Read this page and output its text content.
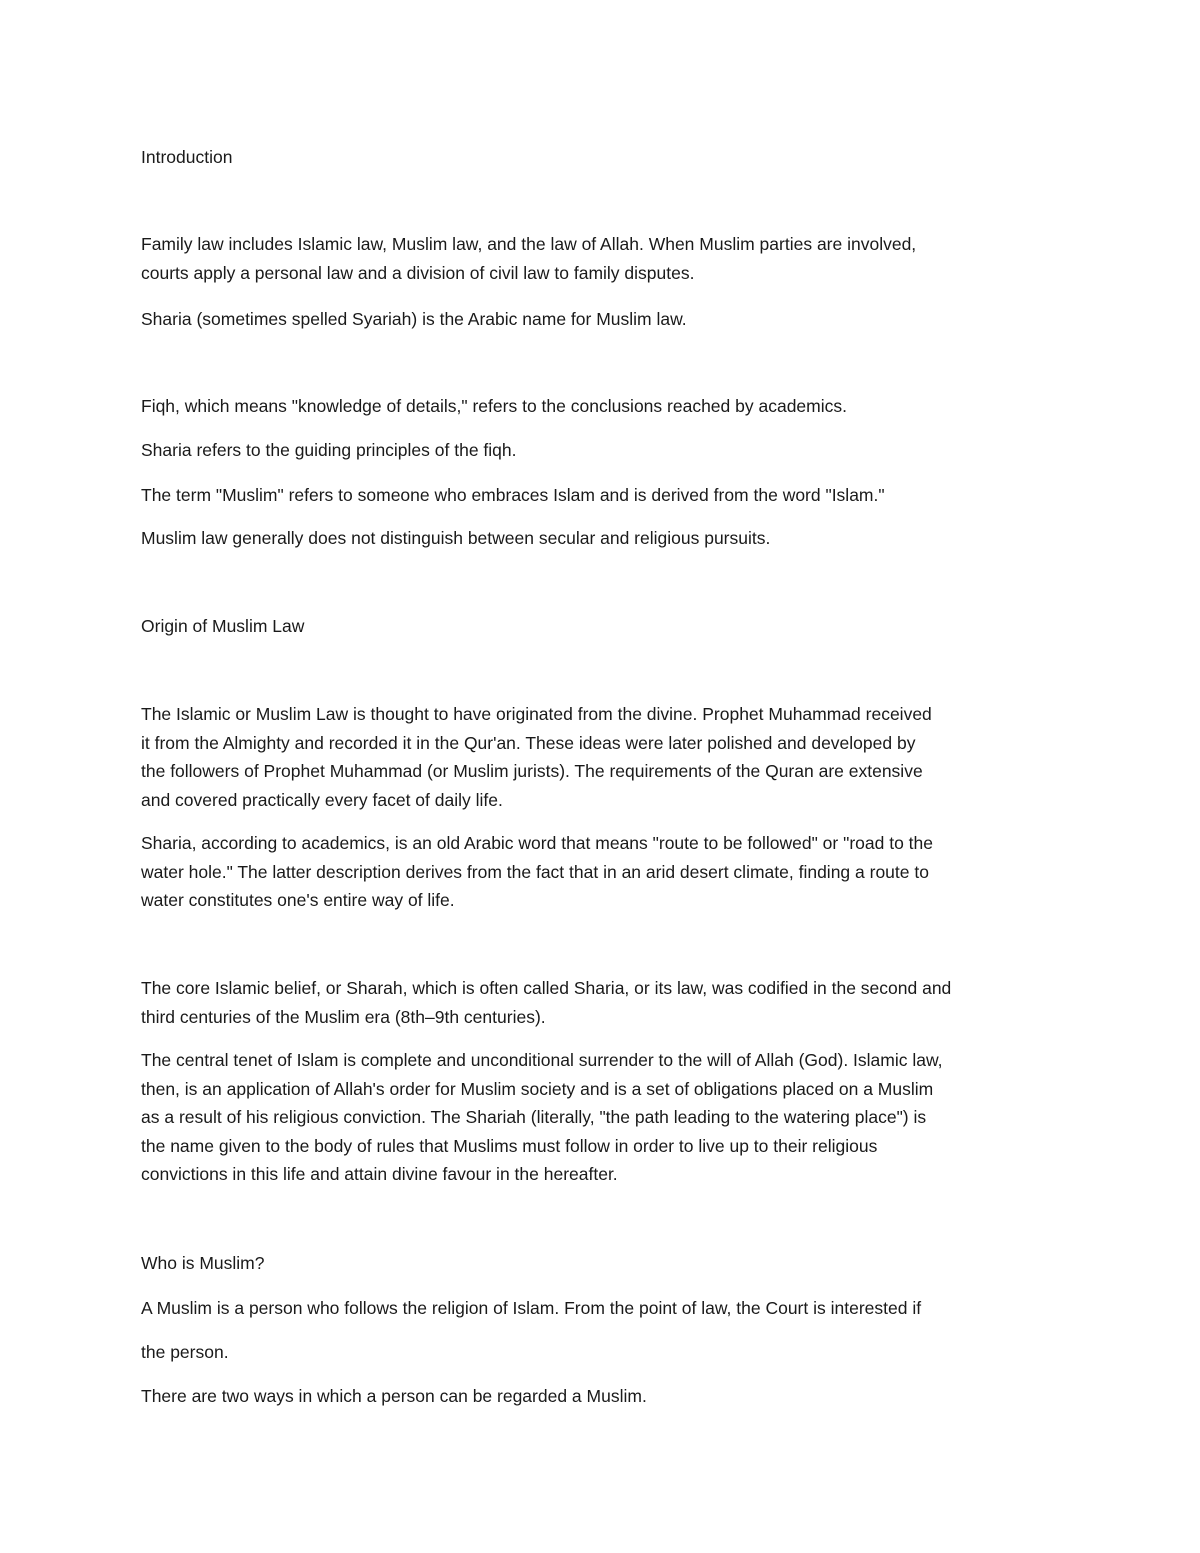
Introduction

Family law includes Islamic law, Muslim law, and the law of Allah. When Muslim parties are involved,
courts apply a personal law and a division of civil law to family disputes.

Sharia (sometimes spelled Syariah) is the Arabic name for Muslim law.

Fiqh, which means "knowledge of details," refers to the conclusions reached by academics.

Sharia refers to the guiding principles of the fiqh.

The term "Muslim" refers to someone who embraces Islam and is derived from the word "Islam."

Muslim law generally does not distinguish between secular and religious pursuits.

Origin of Muslim Law

The Islamic or Muslim Law is thought to have originated from the divine. Prophet Muhammad received
it from the Almighty and recorded it in the Qur'an. These ideas were later polished and developed by
the followers of Prophet Muhammad (or Muslim jurists). The requirements of the Quran are extensive
and covered practically every facet of daily life.
Sharia, according to academics, is an old Arabic word that means "route to be followed" or "road to the
water hole." The latter description derives from the fact that in an arid desert climate, finding a route to
water constitutes one's entire way of life.
The core Islamic belief, or Sharah, which is often called Sharia, or its law, was codified in the second and
third centuries of the Muslim era (8th–9th centuries).
The central tenet of Islam is complete and unconditional surrender to the will of Allah (God). Islamic law,
then, is an application of Allah's order for Muslim society and is a set of obligations placed on a Muslim
as a result of his religious conviction. The Shariah (literally, "the path leading to the watering place") is
the name given to the body of rules that Muslims must follow in order to live up to their religious
convictions in this life and attain divine favour in the hereafter.

Who is Muslim?

A Muslim is a person who follows the religion of Islam. From the point of law, the Court is interested if

the person.

There are two ways in which a person can be regarded a Muslim.
